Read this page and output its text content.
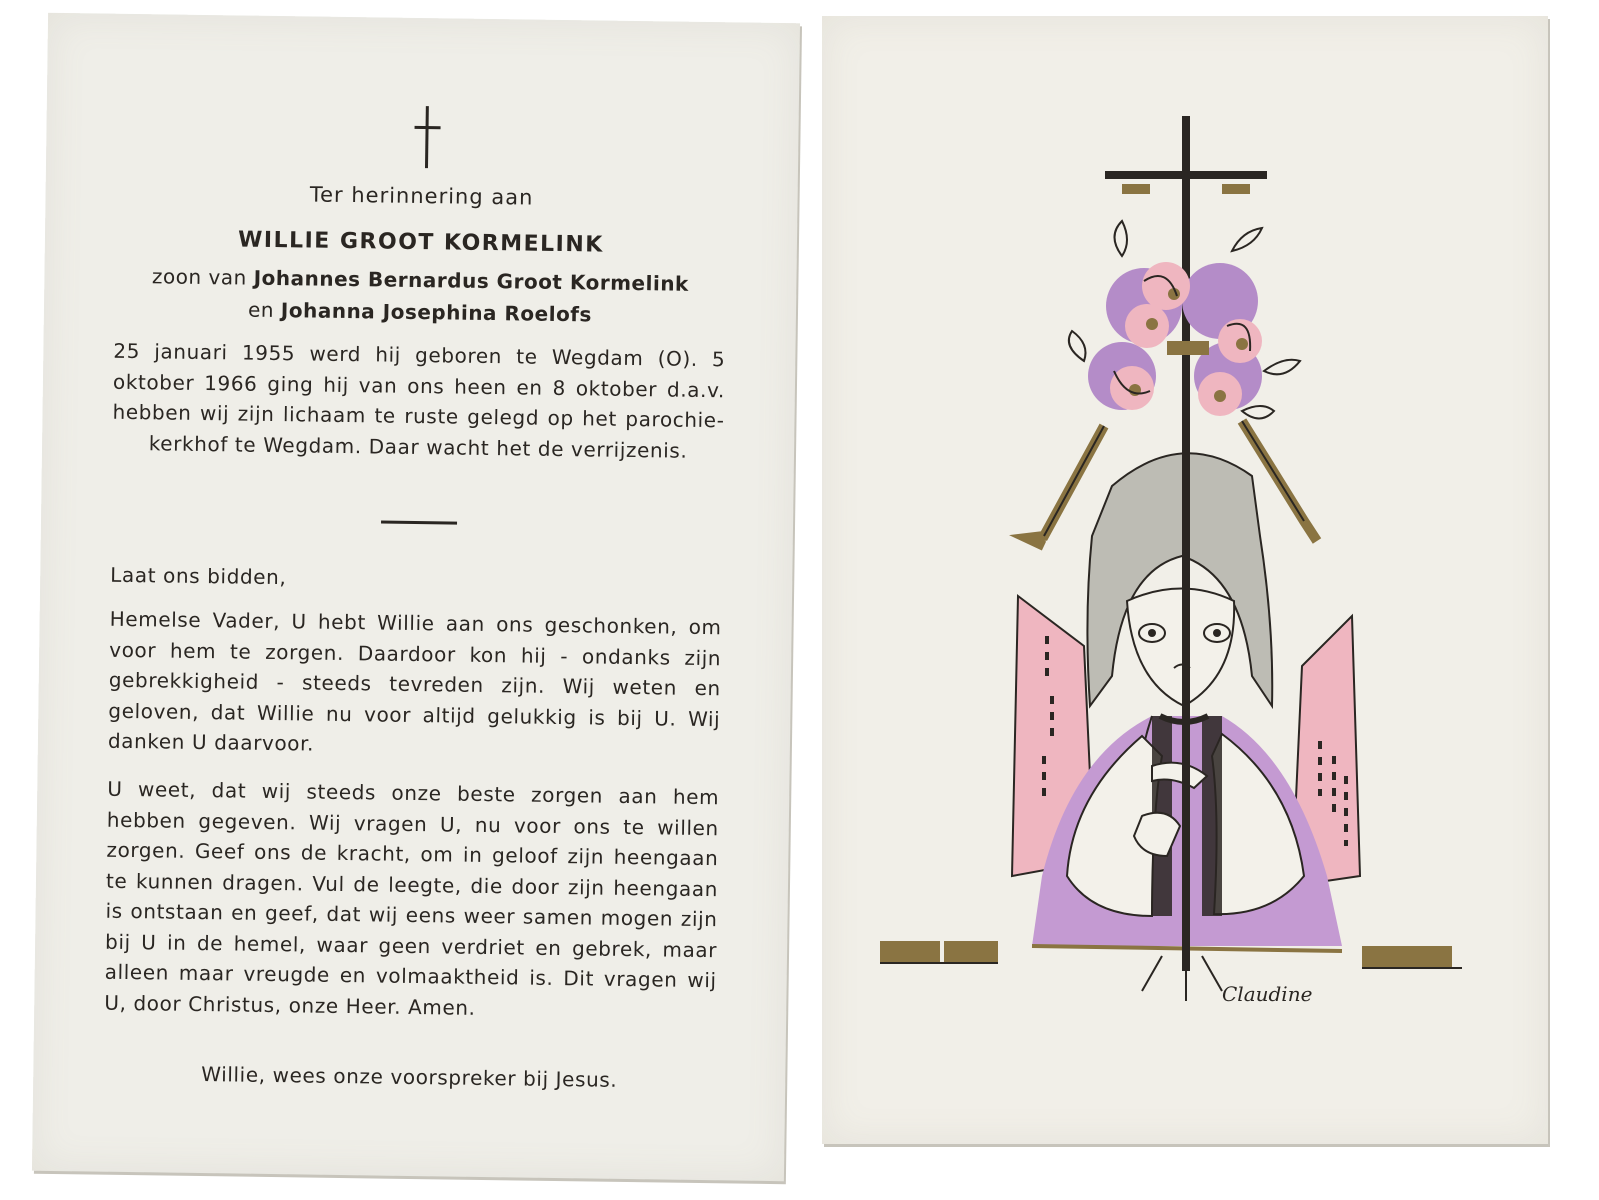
Ter herinnering aan

WILLIE GROOT KORMELINK

zoon van Johannes Bernardus Groot Kormelink

en Johanna Josephina Roelofs

25 januari 1955 werd hij geboren te Wegdam (O). 5 oktober 1966 ging hij van ons heen en 8 oktober d.a.v. hebben wij zijn lichaam te ruste gelegd op het parochie-kerkhof te Wegdam. Daar wacht het de verrijzenis.

Laat ons bidden,

Hemelse Vader, U hebt Willie aan ons geschonken, om voor hem te zorgen. Daardoor kon hij - ondanks zijn gebrekkigheid - steeds tevreden zijn. Wij weten en geloven, dat Willie nu voor altijd gelukkig is bij U. Wij danken U daarvoor.

U weet, dat wij steeds onze beste zorgen aan hem hebben gegeven. Wij vragen U, nu voor ons te willen zorgen. Geef ons de kracht, om in geloof zijn heengaan te kunnen dragen. Vul de leegte, die door zijn heengaan is ontstaan en geef, dat wij eens weer samen mogen zijn bij U in de hemel, waar geen verdriet en gebrek, maar alleen maar vreugde en volmaaktheid is. Dit vragen wij U, door Christus, onze Heer. Amen.

Willie, wees onze voorspreker bij Jesus.

Claudine
